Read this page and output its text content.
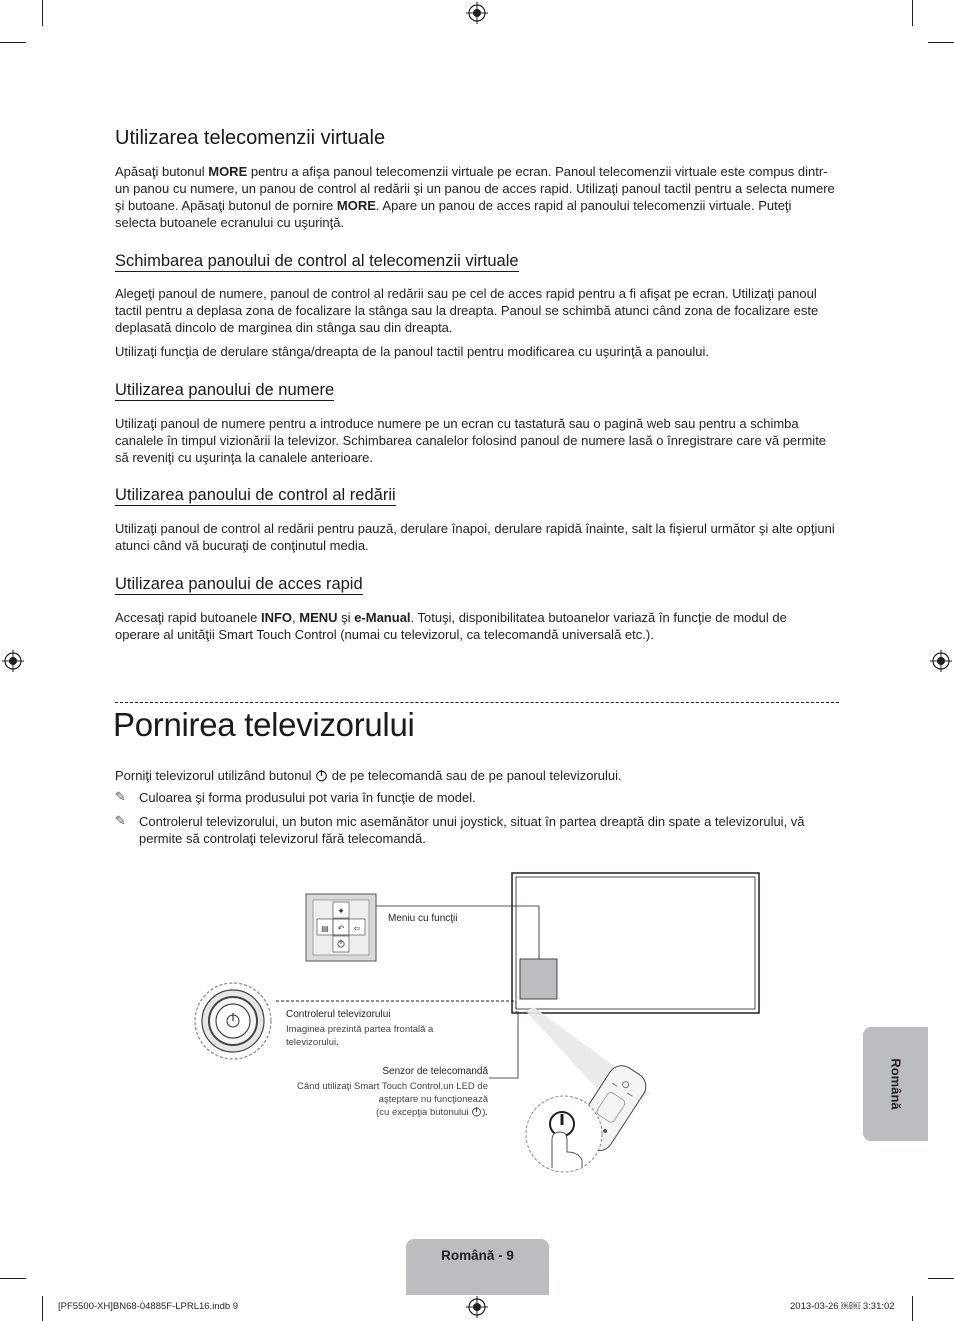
Utilizarea telecomenzii virtuale

Apăsaţi butonul MORE pentru a afişa panoul telecomenzii virtuale pe ecran. Panoul telecomenzii virtuale este compus dintr-un panou cu numere, un panou de control al redării şi un panou de acces rapid. Utilizaţi panoul tactil pentru a selecta numere şi butoane. Apăsaţi butonul de pornire MORE. Apare un panou de acces rapid al panoului telecomenzii virtuale. Puteţi selecta butoanele ecranului cu uşurinţă.

Schimbarea panoului de control al telecomenzii virtuale

Alegeţi panoul de numere, panoul de control al redării sau pe cel de acces rapid pentru a fi afişat pe ecran. Utilizaţi panoul tactil pentru a deplasa zona de focalizare la stânga sau la dreapta. Panoul se schimbă atunci când zona de focalizare este deplasată dincolo de marginea din stânga sau din dreapta.

Utilizaţi funcţia de derulare stânga/dreapta de la panoul tactil pentru modificarea cu uşurinţă a panoului.

Utilizarea panoului de numere

Utilizaţi panoul de numere pentru a introduce numere pe un ecran cu tastatură sau o pagină web sau pentru a schimba canalele în timpul vizionării la televizor. Schimbarea canalelor folosind panoul de numere lasă o înregistrare care vă permite să reveniţi cu uşurinţa la canalele anterioare.

Utilizarea panoului de control al redării

Utilizaţi panoul de control al redării pentru pauză, derulare înapoi, derulare rapidă înainte, salt la fişierul următor şi alte opţiuni atunci când vă bucuraţi de conţinutul media.

Utilizarea panoului de acces rapid

Accesaţi rapid butoanele INFO, MENU şi e-Manual. Totuşi, disponibilitatea butoanelor variază în funcţie de modul de operare al unităţii Smart Touch Control (numai cu televizorul, ca telecomandă universală etc.).

Pornirea televizorului

Porniţi televizorul utilizând butonul  de pe telecomandă sau de pe panoul televizorului.

✎ Culoarea şi forma produsului pot varia în funcţie de model.

✎ Controlerul televizorului, un buton mic asemănător unui joystick, situat în partea dreaptă din spate a televizorului, vă permite să controlaţi televizorul fără telecomandă.

✦
▤ ↶ ⇦
Meniu cu funcţii
Controlerul televizorului
Imaginea prezintă partea frontală a televizorului.
Senzor de telecomandă
Când utilizaţi Smart Touch Control,un LED de aşteptare nu funcţionează
(cu excepţia butonului ).
Română
Română - 9
[PF5500-XH]BN68-04885F-LPRL16.indb 9	2013-03-26 ￼￼ 3:31:02
